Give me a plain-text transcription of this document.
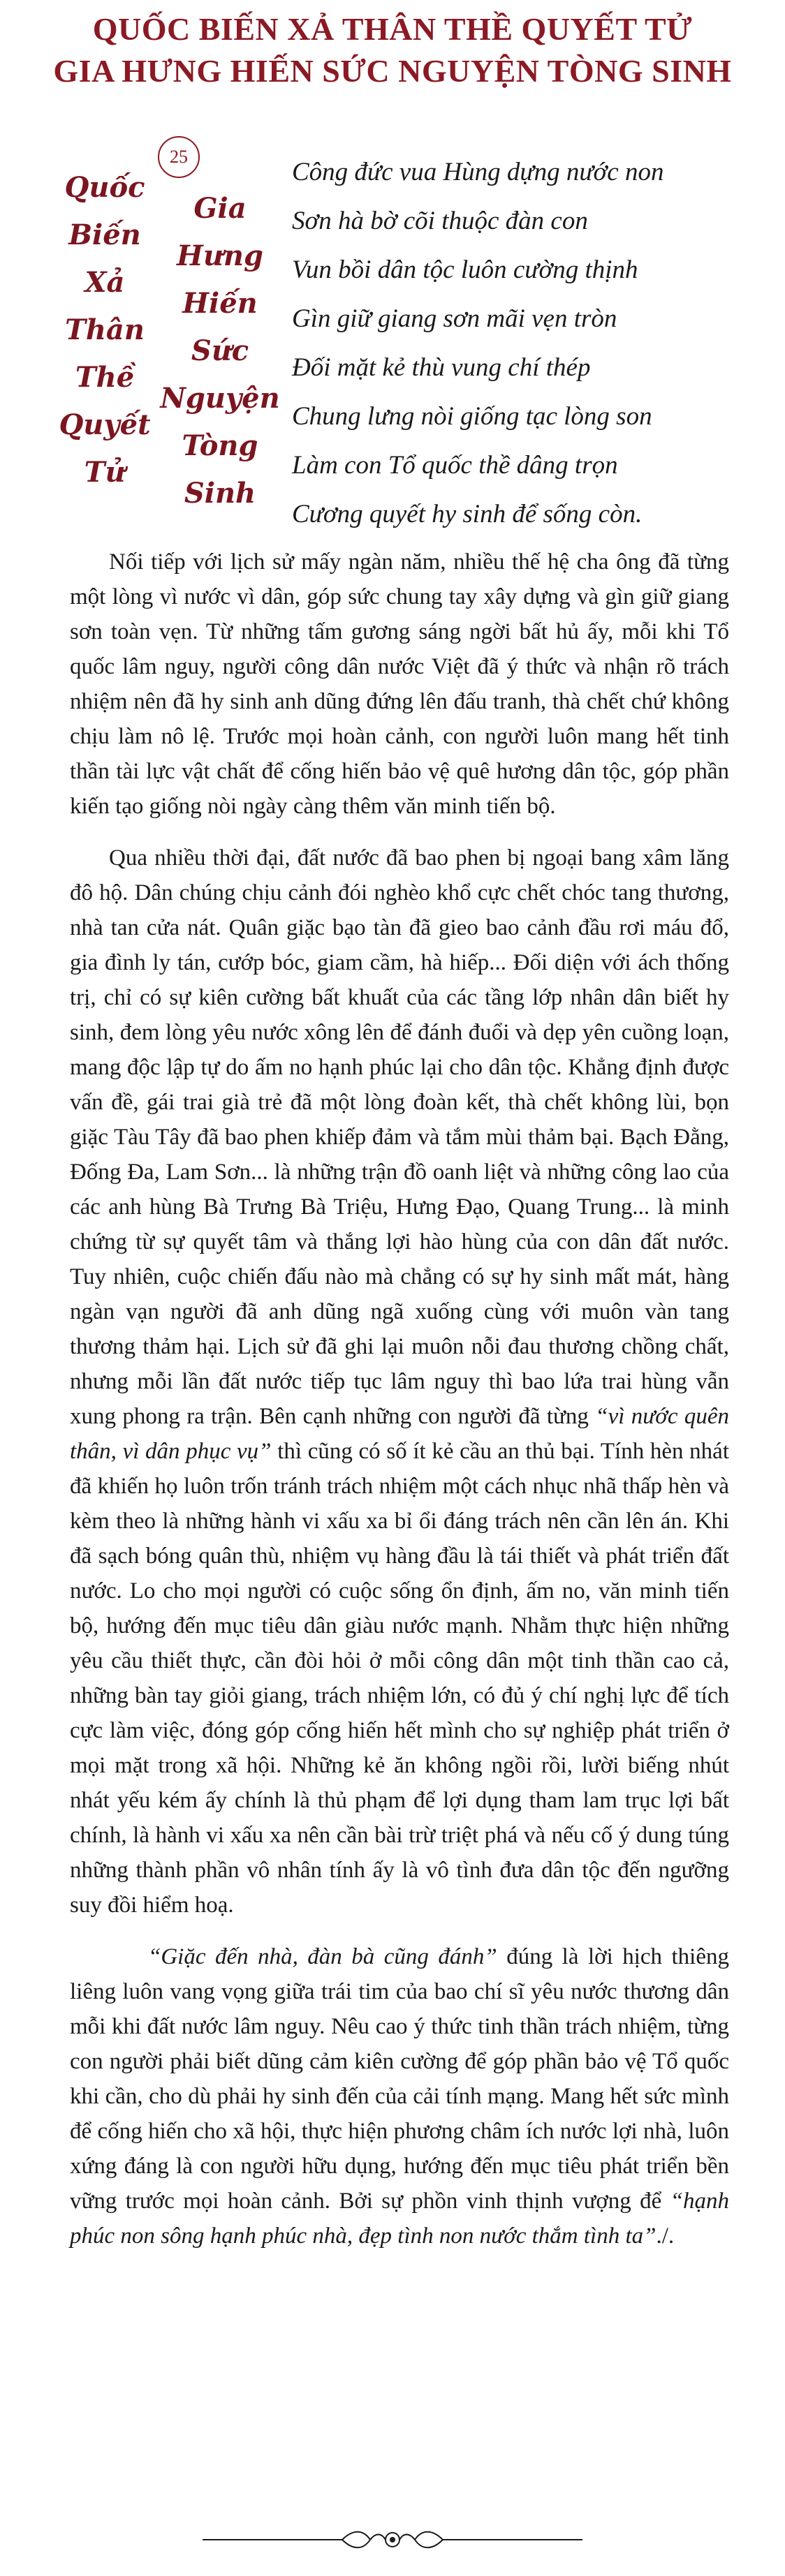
QUỐC BIẾN XẢ THÂN THỀ QUYẾT TỬ
GIA HƯNG HIẾN SỨC NGUYỆN TÒNG SINH
25
Quốc
Biến
Xả
Thân
Thề
Quyết
Tử
Gia
Hưng
Hiến
Sức
Nguyện
Tòng
Sinh
Công đức vua Hùng dựng nước non
Sơn hà bờ cõi thuộc đàn con
Vun bồi dân tộc luôn cường thịnh
Gìn giữ giang sơn mãi vẹn tròn
Đối mặt kẻ thù vung chí thép
Chung lưng nòi giống tạc lòng son
Làm con Tổ quốc thề dâng trọn
Cương quyết hy sinh để sống còn.

Nối tiếp với lịch sử mấy ngàn năm, nhiều thế hệ cha ông đã từng một lòng vì nước vì dân, góp sức chung tay xây dựng và gìn giữ giang sơn toàn vẹn. Từ những tấm gương sáng ngời bất hủ ấy, mỗi khi Tổ quốc lâm nguy, người công dân nước Việt đã ý thức và nhận rõ trách nhiệm nên đã hy sinh anh dũng đứng lên đấu tranh, thà chết chứ không chịu làm nô lệ. Trước mọi hoàn cảnh, con người luôn mang hết tinh thần tài lực vật chất để cống hiến bảo vệ quê hương dân tộc, góp phần kiến tạo giống nòi ngày càng thêm văn minh tiến bộ.

Qua nhiều thời đại, đất nước đã bao phen bị ngoại bang xâm lăng đô hộ. Dân chúng chịu cảnh đói nghèo khổ cực chết chóc tang thương, nhà tan cửa nát. Quân giặc bạo tàn đã gieo bao cảnh đầu rơi máu đổ, gia đình ly tán, cướp bóc, giam cầm, hà hiếp... Đối diện với ách thống trị, chỉ có sự kiên cường bất khuất của các tầng lớp nhân dân biết hy sinh, đem lòng yêu nước xông lên để đánh đuổi và dẹp yên cuồng loạn, mang độc lập tự do ấm no hạnh phúc lại cho dân tộc. Khẳng định được vấn đề, gái trai già trẻ đã một lòng đoàn kết, thà chết không lùi, bọn giặc Tàu Tây đã bao phen khiếp đảm và tắm mùi thảm bại. Bạch Đằng, Đống Đa, Lam Sơn... là những trận đồ oanh liệt và những công lao của các anh hùng Bà Trưng Bà Triệu, Hưng Đạo, Quang Trung... là minh chứng từ sự quyết tâm và thắng lợi hào hùng của con dân đất nước. Tuy nhiên, cuộc chiến đấu nào mà chẳng có sự hy sinh mất mát, hàng ngàn vạn người đã anh dũng ngã xuống cùng với muôn vàn tang thương thảm hại. Lịch sử đã ghi lại muôn nỗi đau thương chồng chất, nhưng mỗi lần đất nước tiếp tục lâm nguy thì bao lứa trai hùng vẫn xung phong ra trận. Bên cạnh những con người đã từng “vì nước quên thân, vì dân phục vụ” thì cũng có số ít kẻ cầu an thủ bại. Tính hèn nhát đã khiến họ luôn trốn tránh trách nhiệm một cách nhục nhã thấp hèn và kèm theo là những hành vi xấu xa bỉ ổi đáng trách nên cần lên án. Khi đã sạch bóng quân thù, nhiệm vụ hàng đầu là tái thiết và phát triển đất nước. Lo cho mọi người có cuộc sống ổn định, ấm no, văn minh tiến bộ, hướng đến mục tiêu dân giàu nước mạnh. Nhằm thực hiện những yêu cầu thiết thực, cần đòi hỏi ở mỗi công dân một tinh thần cao cả, những bàn tay giỏi giang, trách nhiệm lớn, có đủ ý chí nghị lực để tích cực làm việc, đóng góp cống hiến hết mình cho sự nghiệp phát triển ở mọi mặt trong xã hội. Những kẻ ăn không ngồi rồi, lười biếng nhút nhát yếu kém ấy chính là thủ phạm để lợi dụng tham lam trục lợi bất chính, là hành vi xấu xa nên cần bài trừ triệt phá và nếu cố ý dung túng những thành phần vô nhân tính ấy là vô tình đưa dân tộc đến ngưỡng suy đồi hiểm hoạ.

“Giặc đến nhà, đàn bà cũng đánh” đúng là lời hịch thiêng liêng luôn vang vọng giữa trái tim của bao chí sĩ yêu nước thương dân mỗi khi đất nước lâm nguy. Nêu cao ý thức tinh thần trách nhiệm, từng con người phải biết dũng cảm kiên cường để góp phần bảo vệ Tổ quốc khi cần, cho dù phải hy sinh đến của cải tính mạng. Mang hết sức mình để cống hiến cho xã hội, thực hiện phương châm ích nước lợi nhà, luôn xứng đáng là con người hữu dụng, hướng đến mục tiêu phát triển bền vững trước mọi hoàn cảnh. Bởi sự phồn vinh thịnh vượng để “hạnh phúc non sông hạnh phúc nhà, đẹp tình non nước thắm tình ta”./.
